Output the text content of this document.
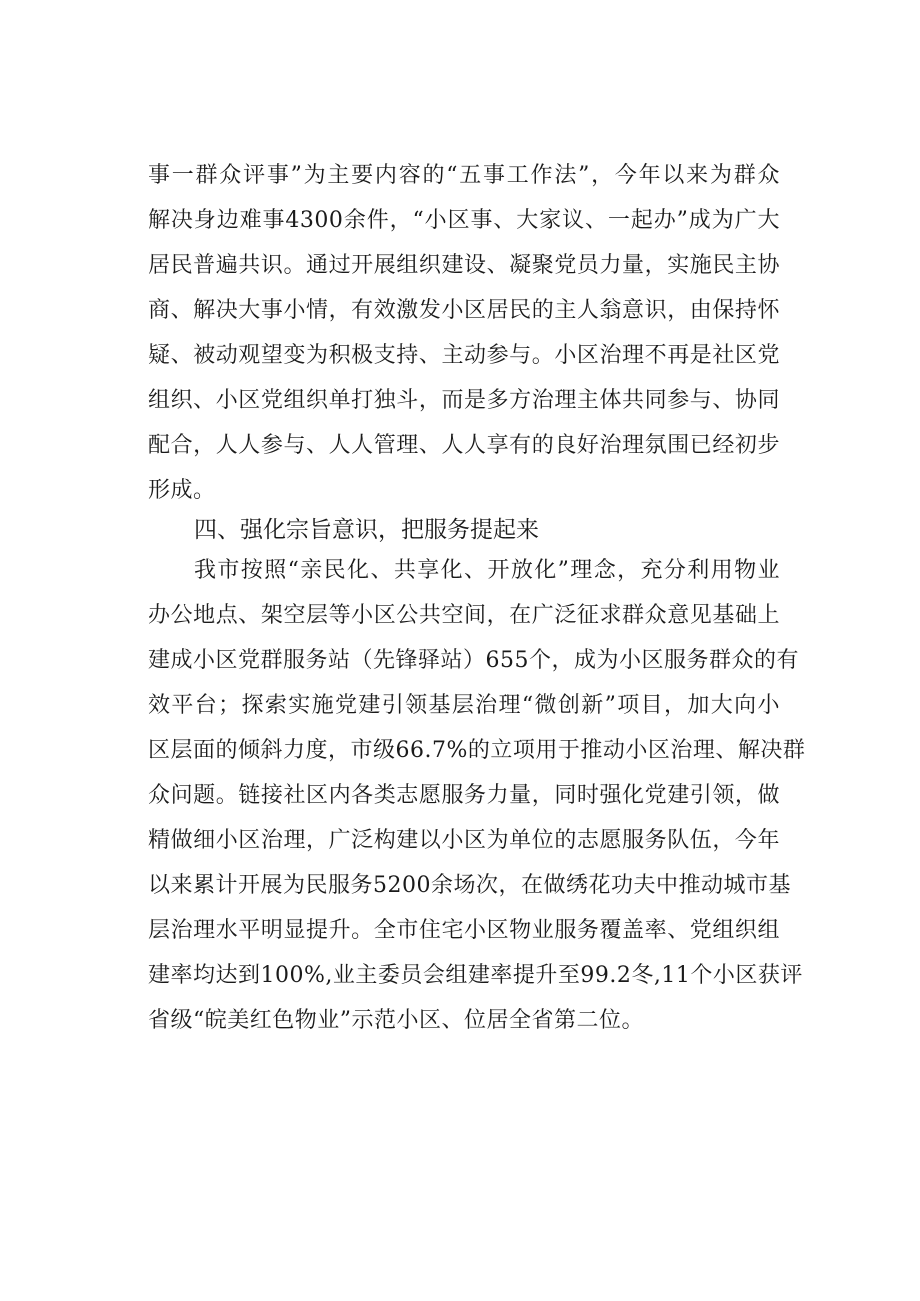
事一群众评事”为主要内容的“五事工作法”，今年以来为群众
解决身边难事4300余件，“小区事、大家议、一起办”成为广大
居民普遍共识。通过开展组织建设、凝聚党员力量，实施民主协
商、解决大事小情，有效激发小区居民的主人翁意识，由保持怀
疑、被动观望变为积极支持、主动参与。小区治理不再是社区党
组织、小区党组织单打独斗，而是多方治理主体共同参与、协同
配合，人人参与、人人管理、人人享有的良好治理氛围已经初步
形成。
四、强化宗旨意识，把服务提起来
我市按照“亲民化、共享化、开放化”理念，充分利用物业
办公地点、架空层等小区公共空间，在广泛征求群众意见基础上
建成小区党群服务站（先锋驿站）655个，成为小区服务群众的有
效平台；探索实施党建引领基层治理“微创新”项目，加大向小
区层面的倾斜力度，市级66.7%的立项用于推动小区治理、解决群
众问题。链接社区内各类志愿服务力量，同时强化党建引领，做
精做细小区治理，广泛构建以小区为单位的志愿服务队伍，今年
以来累计开展为民服务5200余场次，在做绣花功夫中推动城市基
层治理水平明显提升。全市住宅小区物业服务覆盖率、党组织组
建率均达到100%,业主委员会组建率提升至99.2冬,11个小区获评
省级“皖美红色物业”示范小区、位居全省第二位。
